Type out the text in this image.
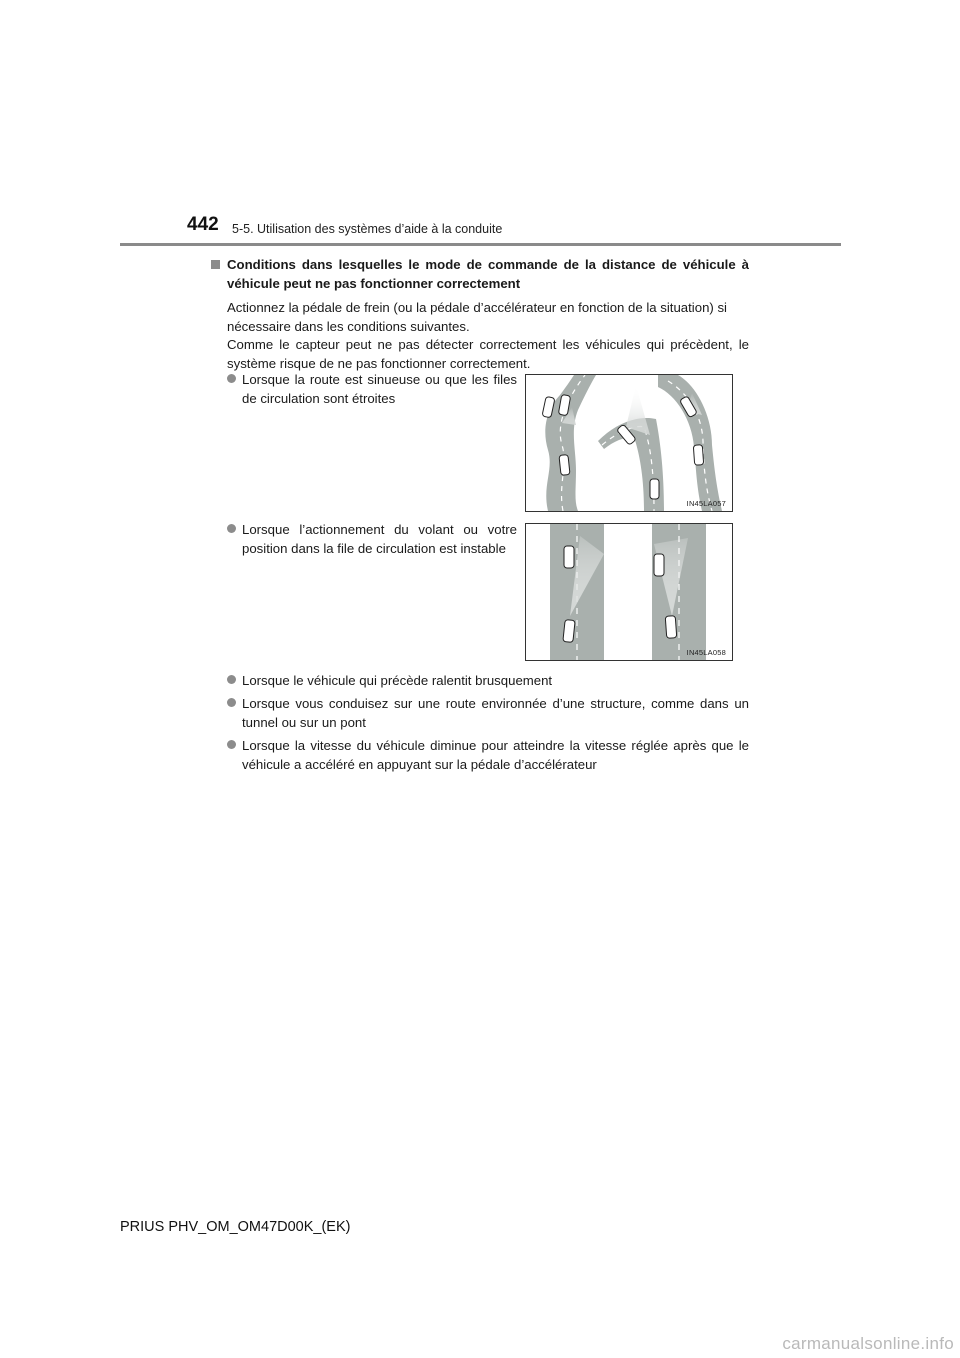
442 5-5. Utilisation des systèmes d’aide à la conduite
Conditions dans lesquelles le mode de commande de la distance de véhicule à
véhicule peut ne pas fonctionner correctement
Actionnez la pédale de frein (ou la pédale d’accélérateur en fonction de la situation) si
nécessaire dans les conditions suivantes.
Comme le capteur peut ne pas détecter correctement les véhicules qui précèdent, le
système risque de ne pas fonctionner correctement.
Lorsque la route est sinueuse ou que les files
de circulation sont étroites
Lorsque l’actionnement du volant ou votre
position dans la file de circulation est instable
Lorsque le véhicule qui précède ralentit brusquement
Lorsque vous conduisez sur une route environnée d’une structure, comme dans un
tunnel ou sur un pont
Lorsque la vitesse du véhicule diminue pour atteindre la vitesse réglée après que le
véhicule a accéléré en appuyant sur la pédale d’accélérateur
IN45LA057
IN45LA058
PRIUS PHV_OM_OM47D00K_(EK)
carmanualsonline.info
